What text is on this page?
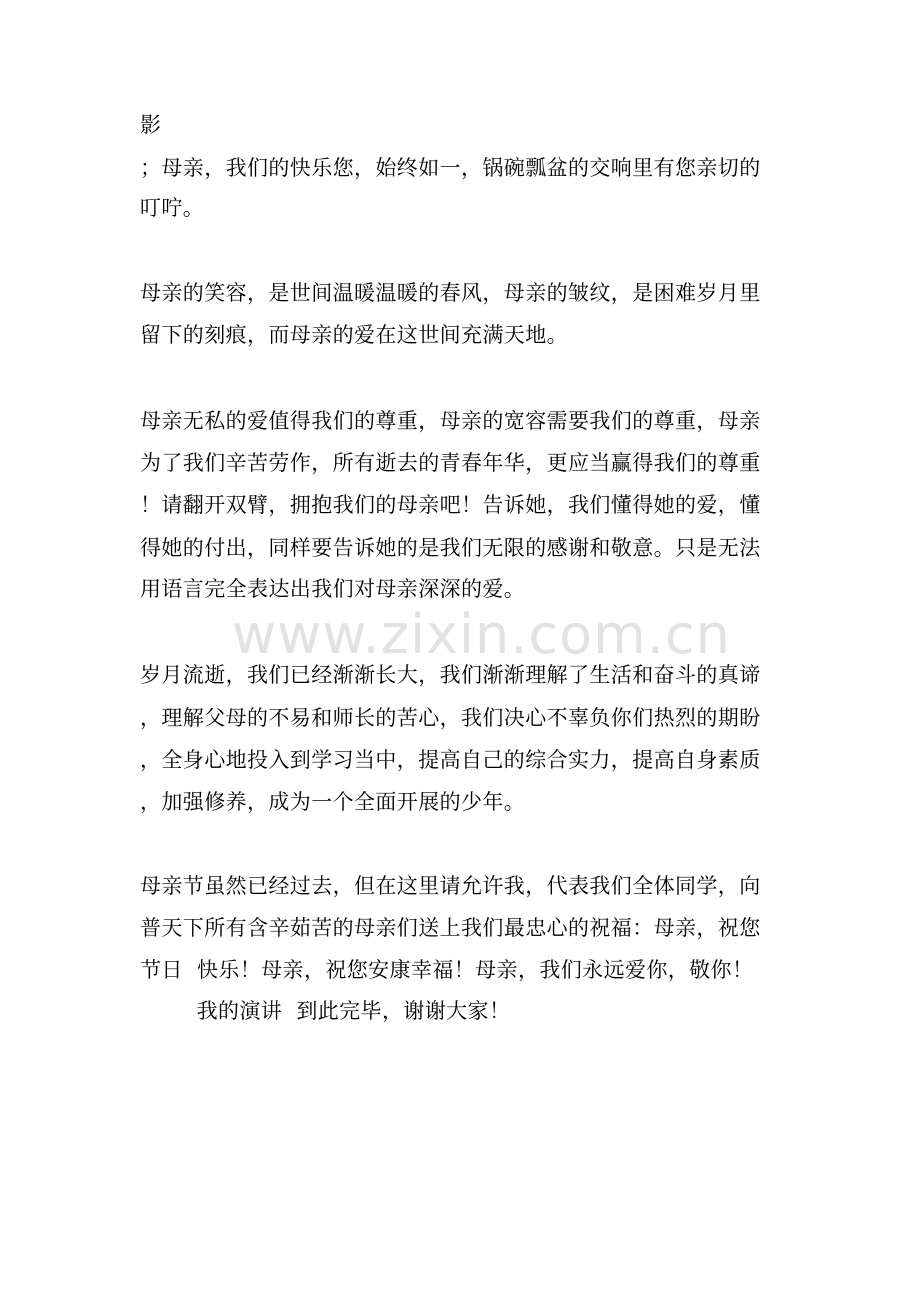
影
；母亲，我们的快乐您，始终如一，锅碗瓢盆的交响里有您亲切的
叮咛。
母亲的笑容，是世间温暖温暖的春风，母亲的皱纹，是困难岁月里
留下的刻痕，而母亲的爱在这世间充满天地。
母亲无私的爱值得我们的尊重，母亲的宽容需要我们的尊重，母亲
为了我们辛苦劳作，所有逝去的青春年华，更应当赢得我们的尊重
！请翻开双臂，拥抱我们的母亲吧！告诉她，我们懂得她的爱，懂
得她的付出，同样要告诉她的是我们无限的感谢和敬意。只是无法
用语言完全表达出我们对母亲深深的爱。
www.zixin.com.cn
岁月流逝，我们已经渐渐长大，我们渐渐理解了生活和奋斗的真谛
，理解父母的不易和师长的苦心，我们决心不辜负你们热烈的期盼
，全身心地投入到学习当中，提高自己的综合实力，提高自身素质
，加强修养，成为一个全面开展的少年。
母亲节虽然已经过去，但在这里请允许我，代表我们全体同学，向
普天下所有含辛茹苦的母亲们送上我们最忠心的祝福：母亲，祝您
节日  快乐！母亲，祝您安康幸福！母亲，我们永远爱你，敬你！
我的演讲  到此完毕，谢谢大家！
